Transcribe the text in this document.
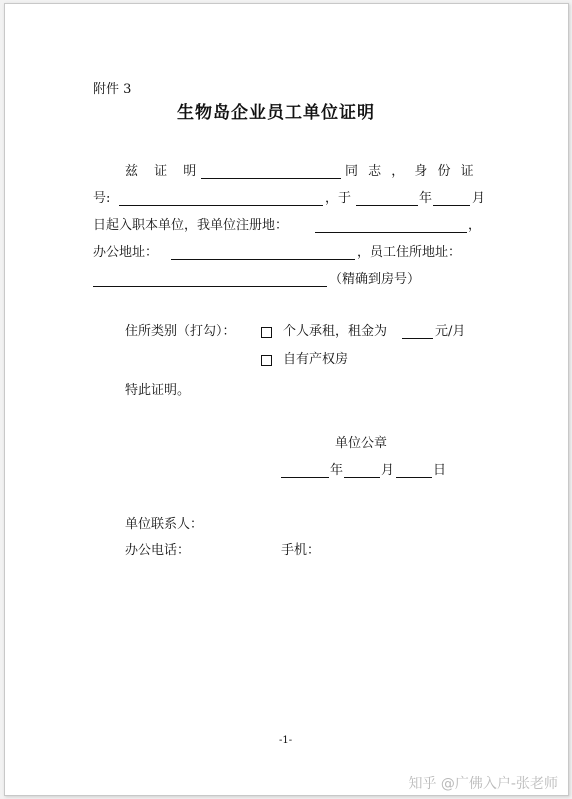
附件 3
生物岛企业员工单位证明
兹 证 明	同 志 ， 身 份 证
号:	，于	年	月
日起入职本单位，我单位注册地：	，
办公地址：	，员工住所地址：
（精确到房号）
住所类别（打勾）：	个人承租，租金为	元/月
自有产权房
特此证明。
单位公章
年	月	日
单位联系人：
办公电话：	手机：
-1-
知乎 @广佛入户-张老师
